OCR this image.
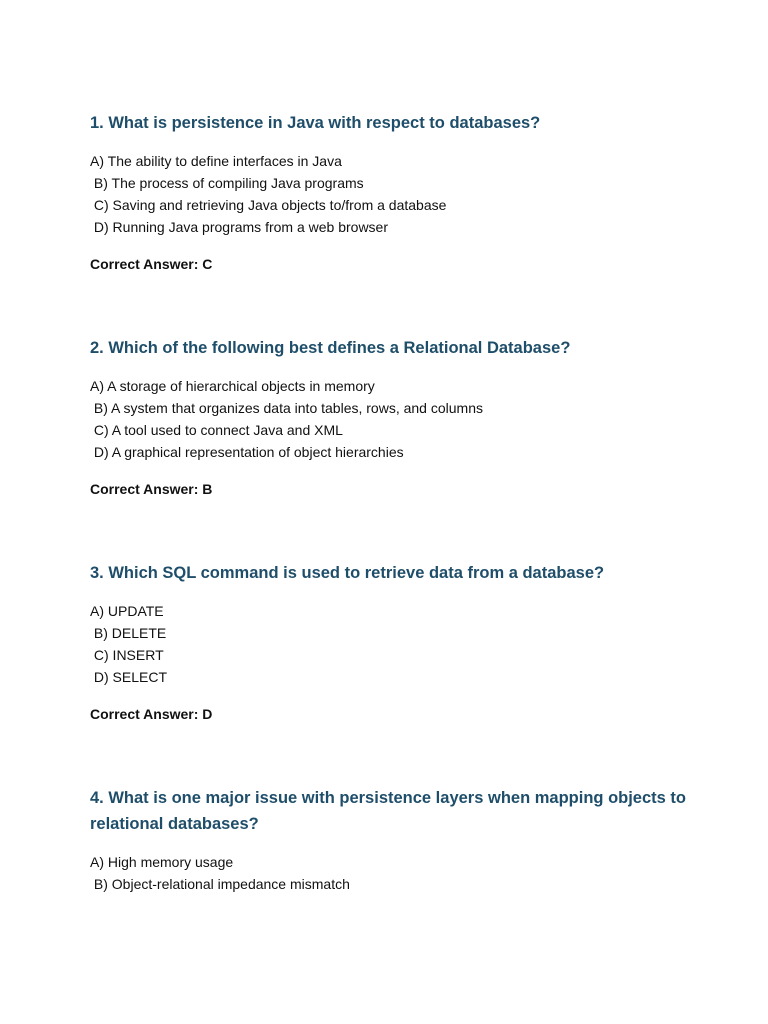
1. What is persistence in Java with respect to databases?
A) The ability to define interfaces in Java
B) The process of compiling Java programs
C) Saving and retrieving Java objects to/from a database
D) Running Java programs from a web browser
Correct Answer: C
2. Which of the following best defines a Relational Database?
A) A storage of hierarchical objects in memory
B) A system that organizes data into tables, rows, and columns
C) A tool used to connect Java and XML
D) A graphical representation of object hierarchies
Correct Answer: B
3. Which SQL command is used to retrieve data from a database?
A) UPDATE
B) DELETE
C) INSERT
D) SELECT
Correct Answer: D
4. What is one major issue with persistence layers when mapping objects to relational databases?
A) High memory usage
B) Object-relational impedance mismatch
